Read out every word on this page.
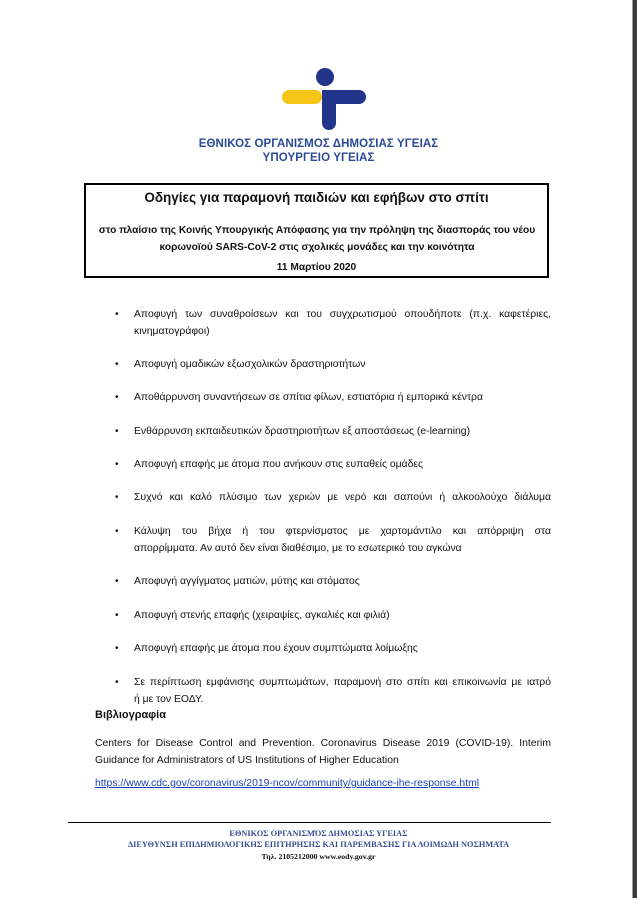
ΕΘΝΙΚΟΣ ΟΡΓΑΝΙΣΜΟΣ ΔΗΜΟΣΙΑΣ ΥΓΕΙΑΣ
ΥΠΟΥΡΓΕΙΟ ΥΓΕΙΑΣ
Οδηγίες για παραμονή παιδιών και εφήβων στο σπίτι
στο πλαίσιο της Κοινής Υπουργικής Απόφασης για την πρόληψη της διασποράς του νέου
κορωνοϊού SARS-CoV-2 στις σχολικές μονάδες και την κοινότητα
11 Μαρτίου 2020
•	Αποφυγή των συναθροίσεων και του συγχρωτισμού οπουδήποτε (π.χ. καφετέριες,
κινηματογράφοι)
•	Αποφυγή ομαδικών εξωσχολικών δραστηριοτήτων
•	Αποθάρρυνση συναντήσεων σε σπίτια φίλων, εστιατόρια ή εμπορικά κέντρα
•	Ενθάρρυνση εκπαιδευτικών δραστηριοτήτων εξ αποστάσεως (e-learning)
•	Αποφυγή επαφής με άτομα που ανήκουν στις ευπαθείς ομάδες
•	Συχνό και καλό πλύσιμο των χεριών με νερό και σαπούνι ή αλκοολούχο διάλυμα
•	Κάλυψη του βήχα ή του φτερνίσματος με χαρτομάντιλο και απόρριψη στα
απορρίμματα. Αν αυτό δεν είναι διαθέσιμο, με το εσωτερικό του αγκώνα
•	Αποφυγή αγγίγματος ματιών, μύτης και στόματος
•	Αποφυγή στενής επαφής (χειραψίες, αγκαλιές και φιλιά)
•	Αποφυγή επαφής με άτομα που έχουν συμπτώματα λοίμωξης
•	Σε περίπτωση εμφάνισης συμπτωμάτων, παραμονή στο σπίτι και επικοινωνία με ιατρό
ή με τον ΕΟΔΥ.
Βιβλιογραφία
Centers for Disease Control and Prevention. Coronavirus Disease 2019 (COVID-19). Interim
Guidance for Administrators of US Institutions of Higher Education
https://www.cdc.gov/coronavirus/2019-ncov/community/guidance-ihe-response.html
ΕΘΝΙΚΟΣ ΟΡΓΑΝΙΣΜΌΣ ΔΗΜΟΣΙΑΣ ΥΓΕΙΑΣ
ΔΙΕΥΘΥΝΣΗ ΕΠΙΔΗΜΙΟΛΟΓΙΚΗΣ ΕΠΙΤΗΡΗΣΗΣ ΚΑΙ ΠΑΡΕΜΒΑΣΗΣ ΓΙΑ ΛΟΙΜΩΔΗ ΝΟΣΗΜΑΤΑ
Τηλ. 2105212000 www.eody.gov.gr
